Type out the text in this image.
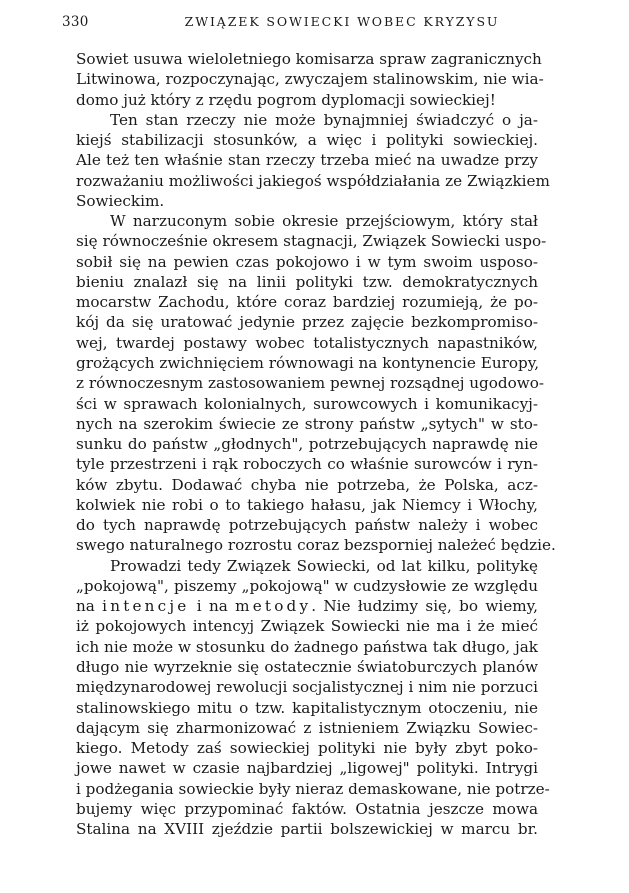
330	ZWIĄZEK SOWIECKI WOBEC KRYZYSU
Sowiet usuwa wieloletniego komisarza spraw zagranicznych
Litwinowa, rozpoczynając, zwyczajem stalinowskim, nie wia-
domo już który z rzędu pogrom dyplomacji sowieckiej!
Ten stan rzeczy nie może bynajmniej świadczyć o ja-
kiejś stabilizacji stosunków, a więc i polityki sowieckiej.
Ale też ten właśnie stan rzeczy trzeba mieć na uwadze przy
rozważaniu możliwości jakiegoś współdziałania ze Związkiem
Sowieckim.
W narzuconym sobie okresie przejściowym, który stał
się równocześnie okresem stagnacji, Związek Sowiecki uspo-
sobił się na pewien czas pokojowo i w tym swoim usposo-
bieniu znalazł się na linii polityki tzw. demokratycznych
mocarstw Zachodu, które coraz bardziej rozumieją, że po-
kój da się uratować jedynie przez zajęcie bezkompromiso-
wej, twardej postawy wobec totalistycznych napastników,
grożących zwichnięciem równowagi na kontynencie Europy,
z równoczesnym zastosowaniem pewnej rozsądnej ugodowo-
ści w sprawach kolonialnych, surowcowych i komunikacyj-
nych na szerokim świecie ze strony państw „sytych" w sto-
sunku do państw „głodnych", potrzebujących naprawdę nie
tyle przestrzeni i rąk roboczych co właśnie surowców i ryn-
ków zbytu. Dodawać chyba nie potrzeba, że Polska, acz-
kolwiek nie robi o to takiego hałasu, jak Niemcy i Włochy,
do tych naprawdę potrzebujących państw należy i wobec
swego naturalnego rozrostu coraz bezsporniej należeć będzie.
Prowadzi tedy Związek Sowiecki, od lat kilku, politykę
„pokojową", piszemy „pokojową" w cudzysłowie ze względu
na intencje i na metody. Nie łudzimy się, bo wiemy,
iż pokojowych intencyj Związek Sowiecki nie ma i że mieć
ich nie może w stosunku do żadnego państwa tak długo, jak
długo nie wyrzeknie się ostatecznie światoburczych planów
międzynarodowej rewolucji socjalistycznej i nim nie porzuci
stalinowskiego mitu o tzw. kapitalistycznym otoczeniu, nie
dającym się zharmonizować z istnieniem Związku Sowiec-
kiego. Metody zaś sowieckiej polityki nie były zbyt poko-
jowe nawet w czasie najbardziej „ligowej" polityki. Intrygi
i podżegania sowieckie były nieraz demaskowane, nie potrze-
bujemy więc przypominać faktów. Ostatnia jeszcze mowa
Stalina na XVIII zjeździe partii bolszewickiej w marcu br.
